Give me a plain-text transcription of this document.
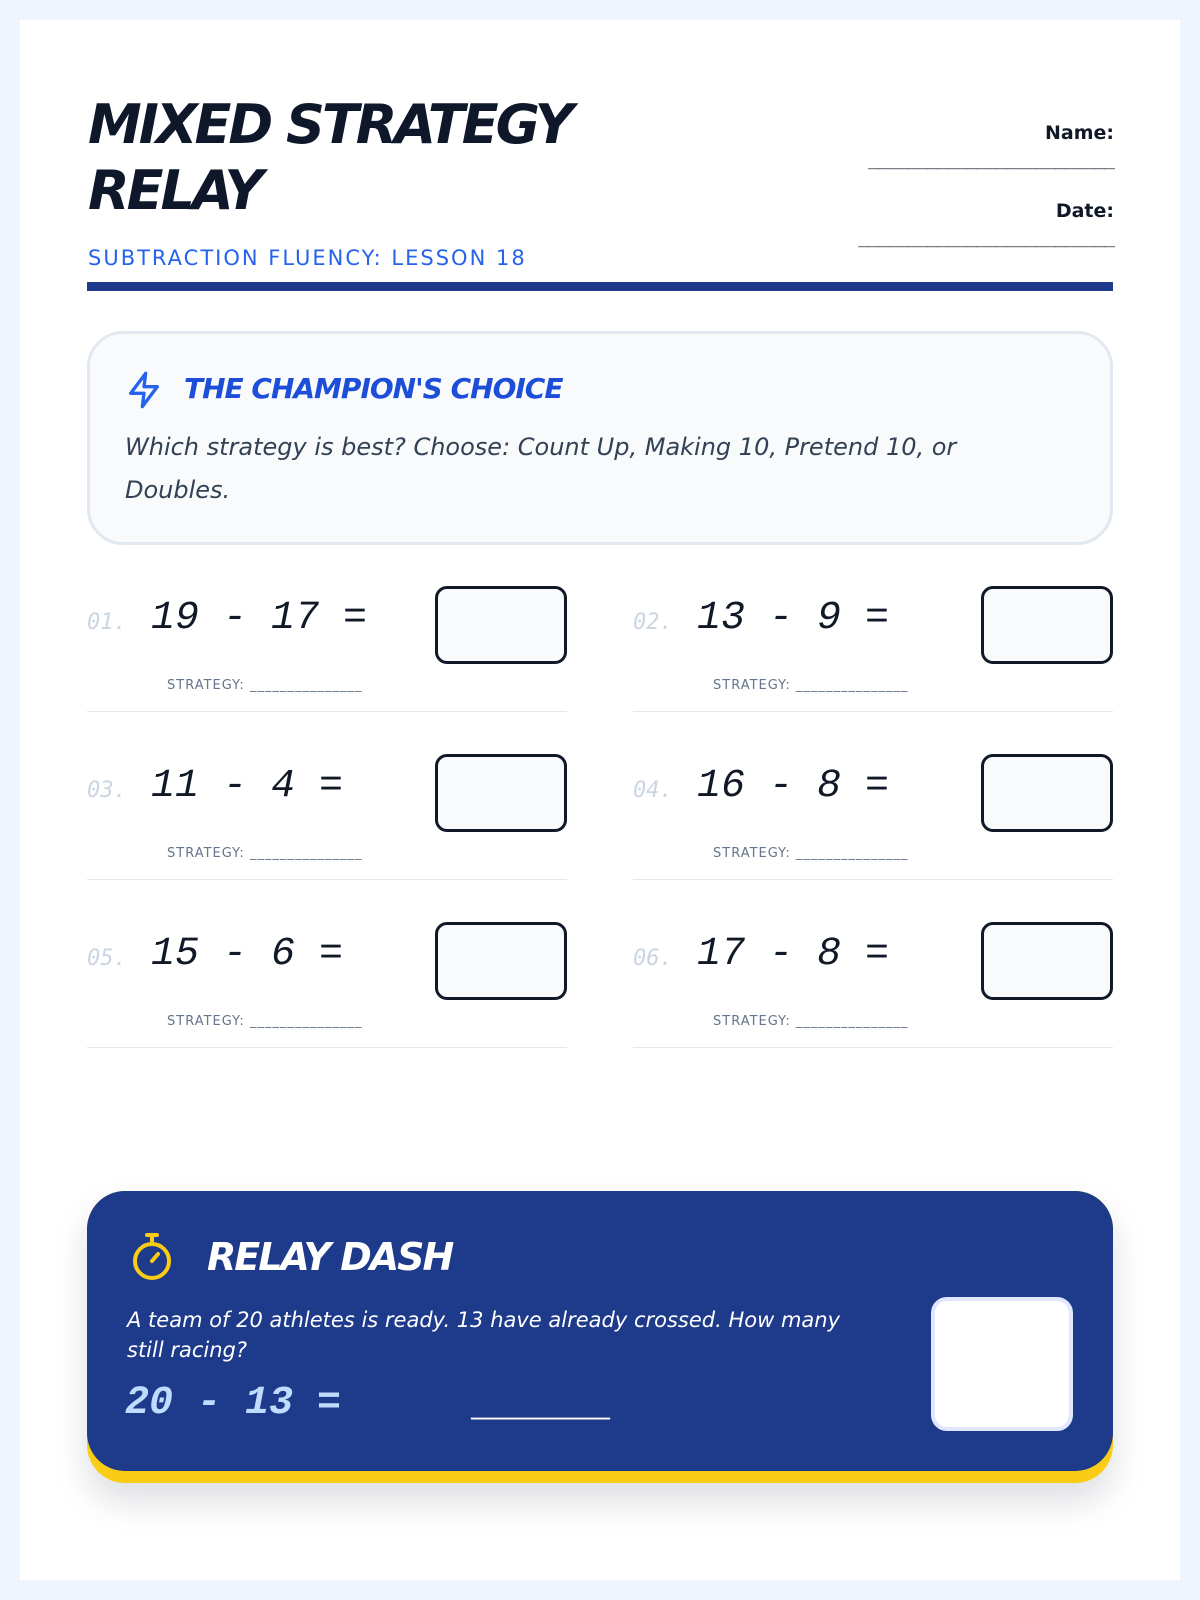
MIXED STRATEGY RELAY
SUBTRACTION FLUENCY: LESSON 18
Name:
_________________________
Date:
__________________________
THE CHAMPION'S CHOICE
Which strategy is best? Choose: Count Up, Making 10, Pretend 10, or Doubles.
01. 19 - 17 =
STRATEGY: _______________
02. 13 - 9 =
STRATEGY: _______________
03. 11 - 4 =
STRATEGY: _______________
04. 16 - 8 =
STRATEGY: _______________
05. 15 - 6 =
STRATEGY: _______________
06. 17 - 8 =
STRATEGY: _______________
RELAY DASH
A team of 20 athletes is ready. 13 have already crossed. How many still racing?
20 - 13 =	______
